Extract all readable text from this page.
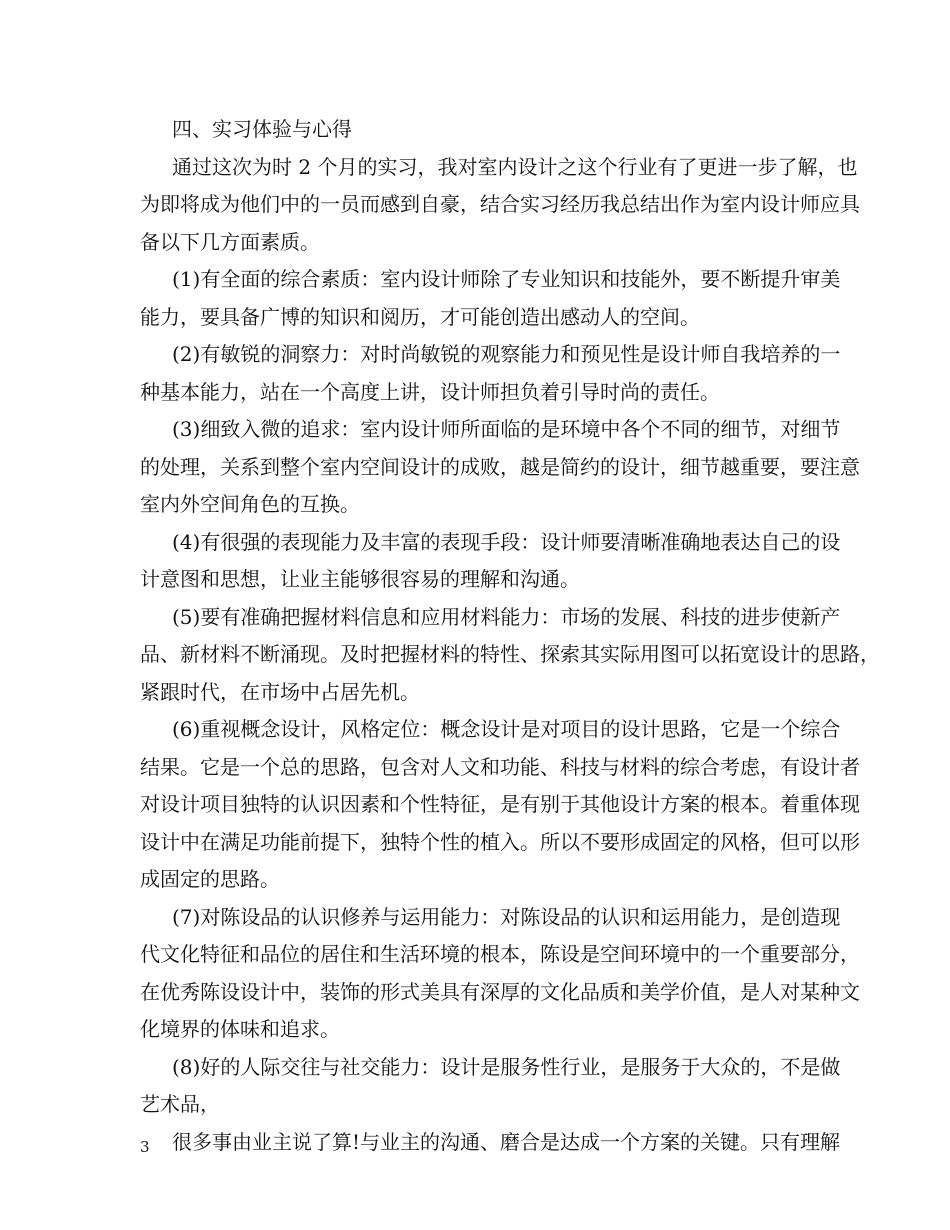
四、实习体验与心得
通过这次为时 2 个月的实习，我对室内设计之这个行业有了更进一步了解，也
为即将成为他们中的一员而感到自豪，结合实习经历我总结出作为室内设计师应具
备以下几方面素质。
(1)有全面的综合素质：室内设计师除了专业知识和技能外，要不断提升审美
能力，要具备广博的知识和阅历，才可能创造出感动人的空间。
(2)有敏锐的洞察力：对时尚敏锐的观察能力和预见性是设计师自我培养的一
种基本能力，站在一个高度上讲，设计师担负着引导时尚的责任。
(3)细致入微的追求：室内设计师所面临的是环境中各个不同的细节，对细节
的处理，关系到整个室内空间设计的成败，越是简约的设计，细节越重要，要注意
室内外空间角色的互换。
(4)有很强的表现能力及丰富的表现手段：设计师要清晰准确地表达自己的设
计意图和思想，让业主能够很容易的理解和沟通。
(5)要有准确把握材料信息和应用材料能力：市场的发展、科技的进步使新产
品、新材料不断涌现。及时把握材料的特性、探索其实际用图可以拓宽设计的思路，
紧跟时代，在市场中占居先机。
(6)重视概念设计，风格定位：概念设计是对项目的设计思路，它是一个综合
结果。它是一个总的思路，包含对人文和功能、科技与材料的综合考虑，有设计者
对设计项目独特的认识因素和个性特征，是有别于其他设计方案的根本。着重体现
设计中在满足功能前提下，独特个性的植入。所以不要形成固定的风格，但可以形
成固定的思路。
(7)对陈设品的认识修养与运用能力：对陈设品的认识和运用能力，是创造现
代文化特征和品位的居住和生活环境的根本，陈设是空间环境中的一个重要部分，
在优秀陈设设计中，装饰的形式美具有深厚的文化品质和美学价值，是人对某种文
化境界的体味和追求。
(8)好的人际交往与社交能力：设计是服务性行业，是服务于大众的，不是做
艺术品，
很多事由业主说了算!与业主的沟通、磨合是达成一个方案的关键。只有理解
3
